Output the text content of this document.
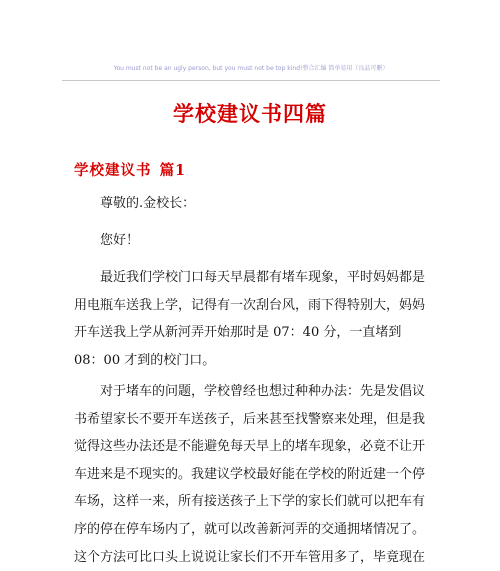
You must not be an ugly person, but you must not be top kind!整合汇编 简单易用（良品可删）
学校建议书四篇
学校建议书 篇1
尊敬的.金校长：
您好！
最近我们学校门口每天早晨都有堵车现象，平时妈妈都是
用电瓶车送我上学，记得有一次刮台风，雨下得特别大，妈妈
开车送我上学从新河弄开始那时是 07：40 分，一直堵到
08：00 才到的校门口。
对于堵车的问题，学校曾经也想过种种办法：先是发倡议
书希望家长不要开车送孩子，后来甚至找警察来处理，但是我
觉得这些办法还是不能避免每天早上的堵车现象，必竟不让开
车进来是不现实的。我建议学校最好能在学校的附近建一个停
车场，这样一来，所有接送孩子上下学的家长们就可以把车有
序的停在停车场内了，就可以改善新河弄的交通拥堵情况了。
这个方法可比口头上说说让家长们不开车管用多了，毕竟现在
